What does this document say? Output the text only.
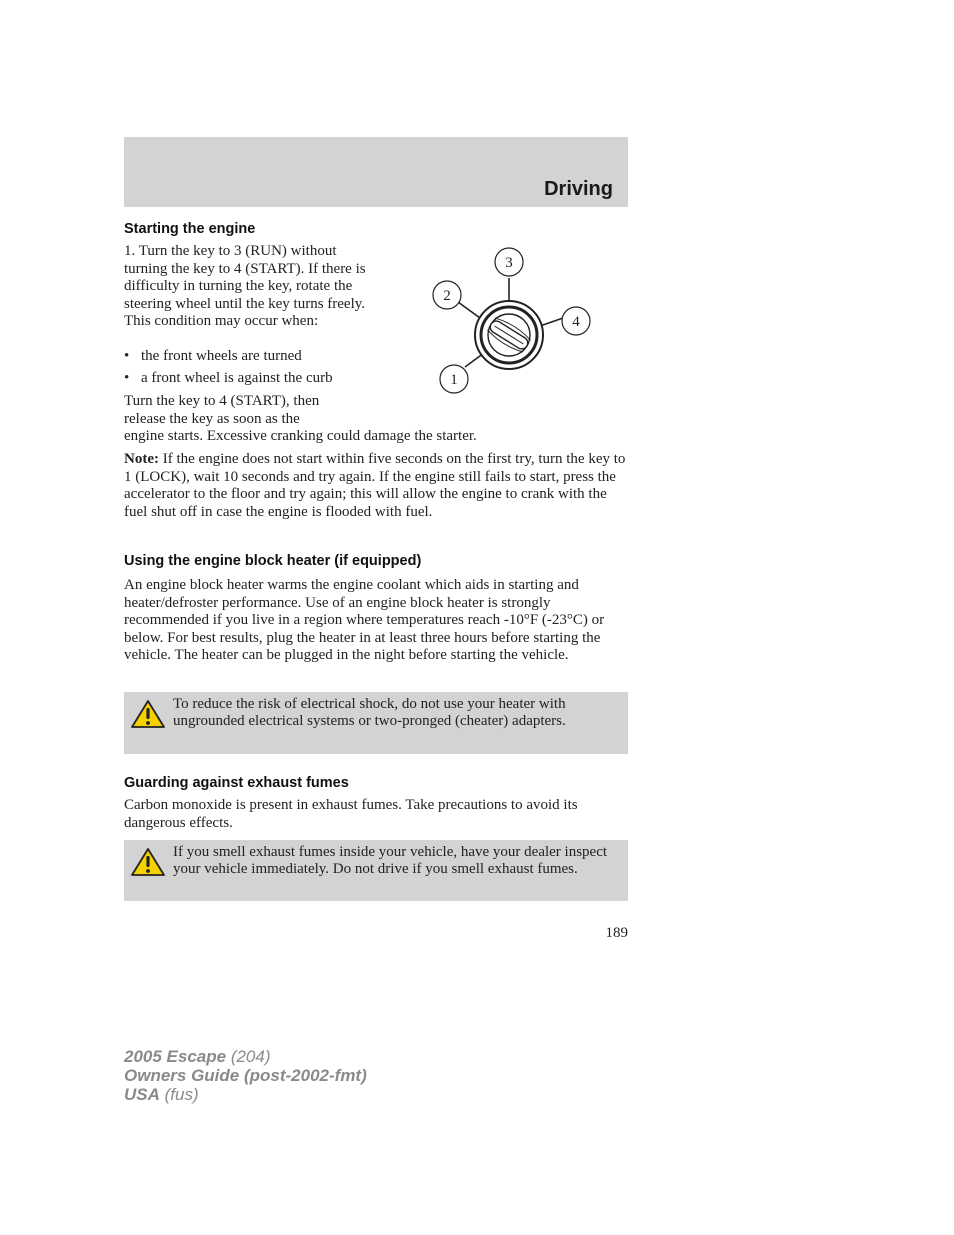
Driving
Starting the engine
1. Turn the key to 3 (RUN) without turning the key to 4 (START). If there is difficulty in turning the key, rotate the steering wheel until the key turns freely. This condition may occur when:
• the front wheels are turned
• a front wheel is against the curb

Turn the key to 4 (START), then

release the key as soon as the

engine starts. Excessive cranking could damage the starter.

Note: If the engine does not start within five seconds on the first try, turn the key to 1 (LOCK), wait 10 seconds and try again. If the engine still fails to start, press the accelerator to the floor and try again; this will allow the engine to crank with the fuel shut off in case the engine is flooded with fuel.
3
2
4
1
Using the engine block heater (if equipped)
An engine block heater warms the engine coolant which aids in starting and heater/defroster performance. Use of an engine block heater is strongly recommended if you live in a region where temperatures reach -10°F (-23°C) or below. For best results, plug the heater in at least three hours before starting the vehicle. The heater can be plugged in the night before starting the vehicle.
To reduce the risk of electrical shock, do not use your heater with ungrounded electrical systems or two-pronged (cheater) adapters.
Guarding against exhaust fumes
Carbon monoxide is present in exhaust fumes. Take precautions to avoid its dangerous effects.
If you smell exhaust fumes inside your vehicle, have your dealer inspect your vehicle immediately. Do not drive if you smell exhaust fumes.
189
2005 Escape (204)
Owners Guide (post-2002-fmt)
USA (fus)
